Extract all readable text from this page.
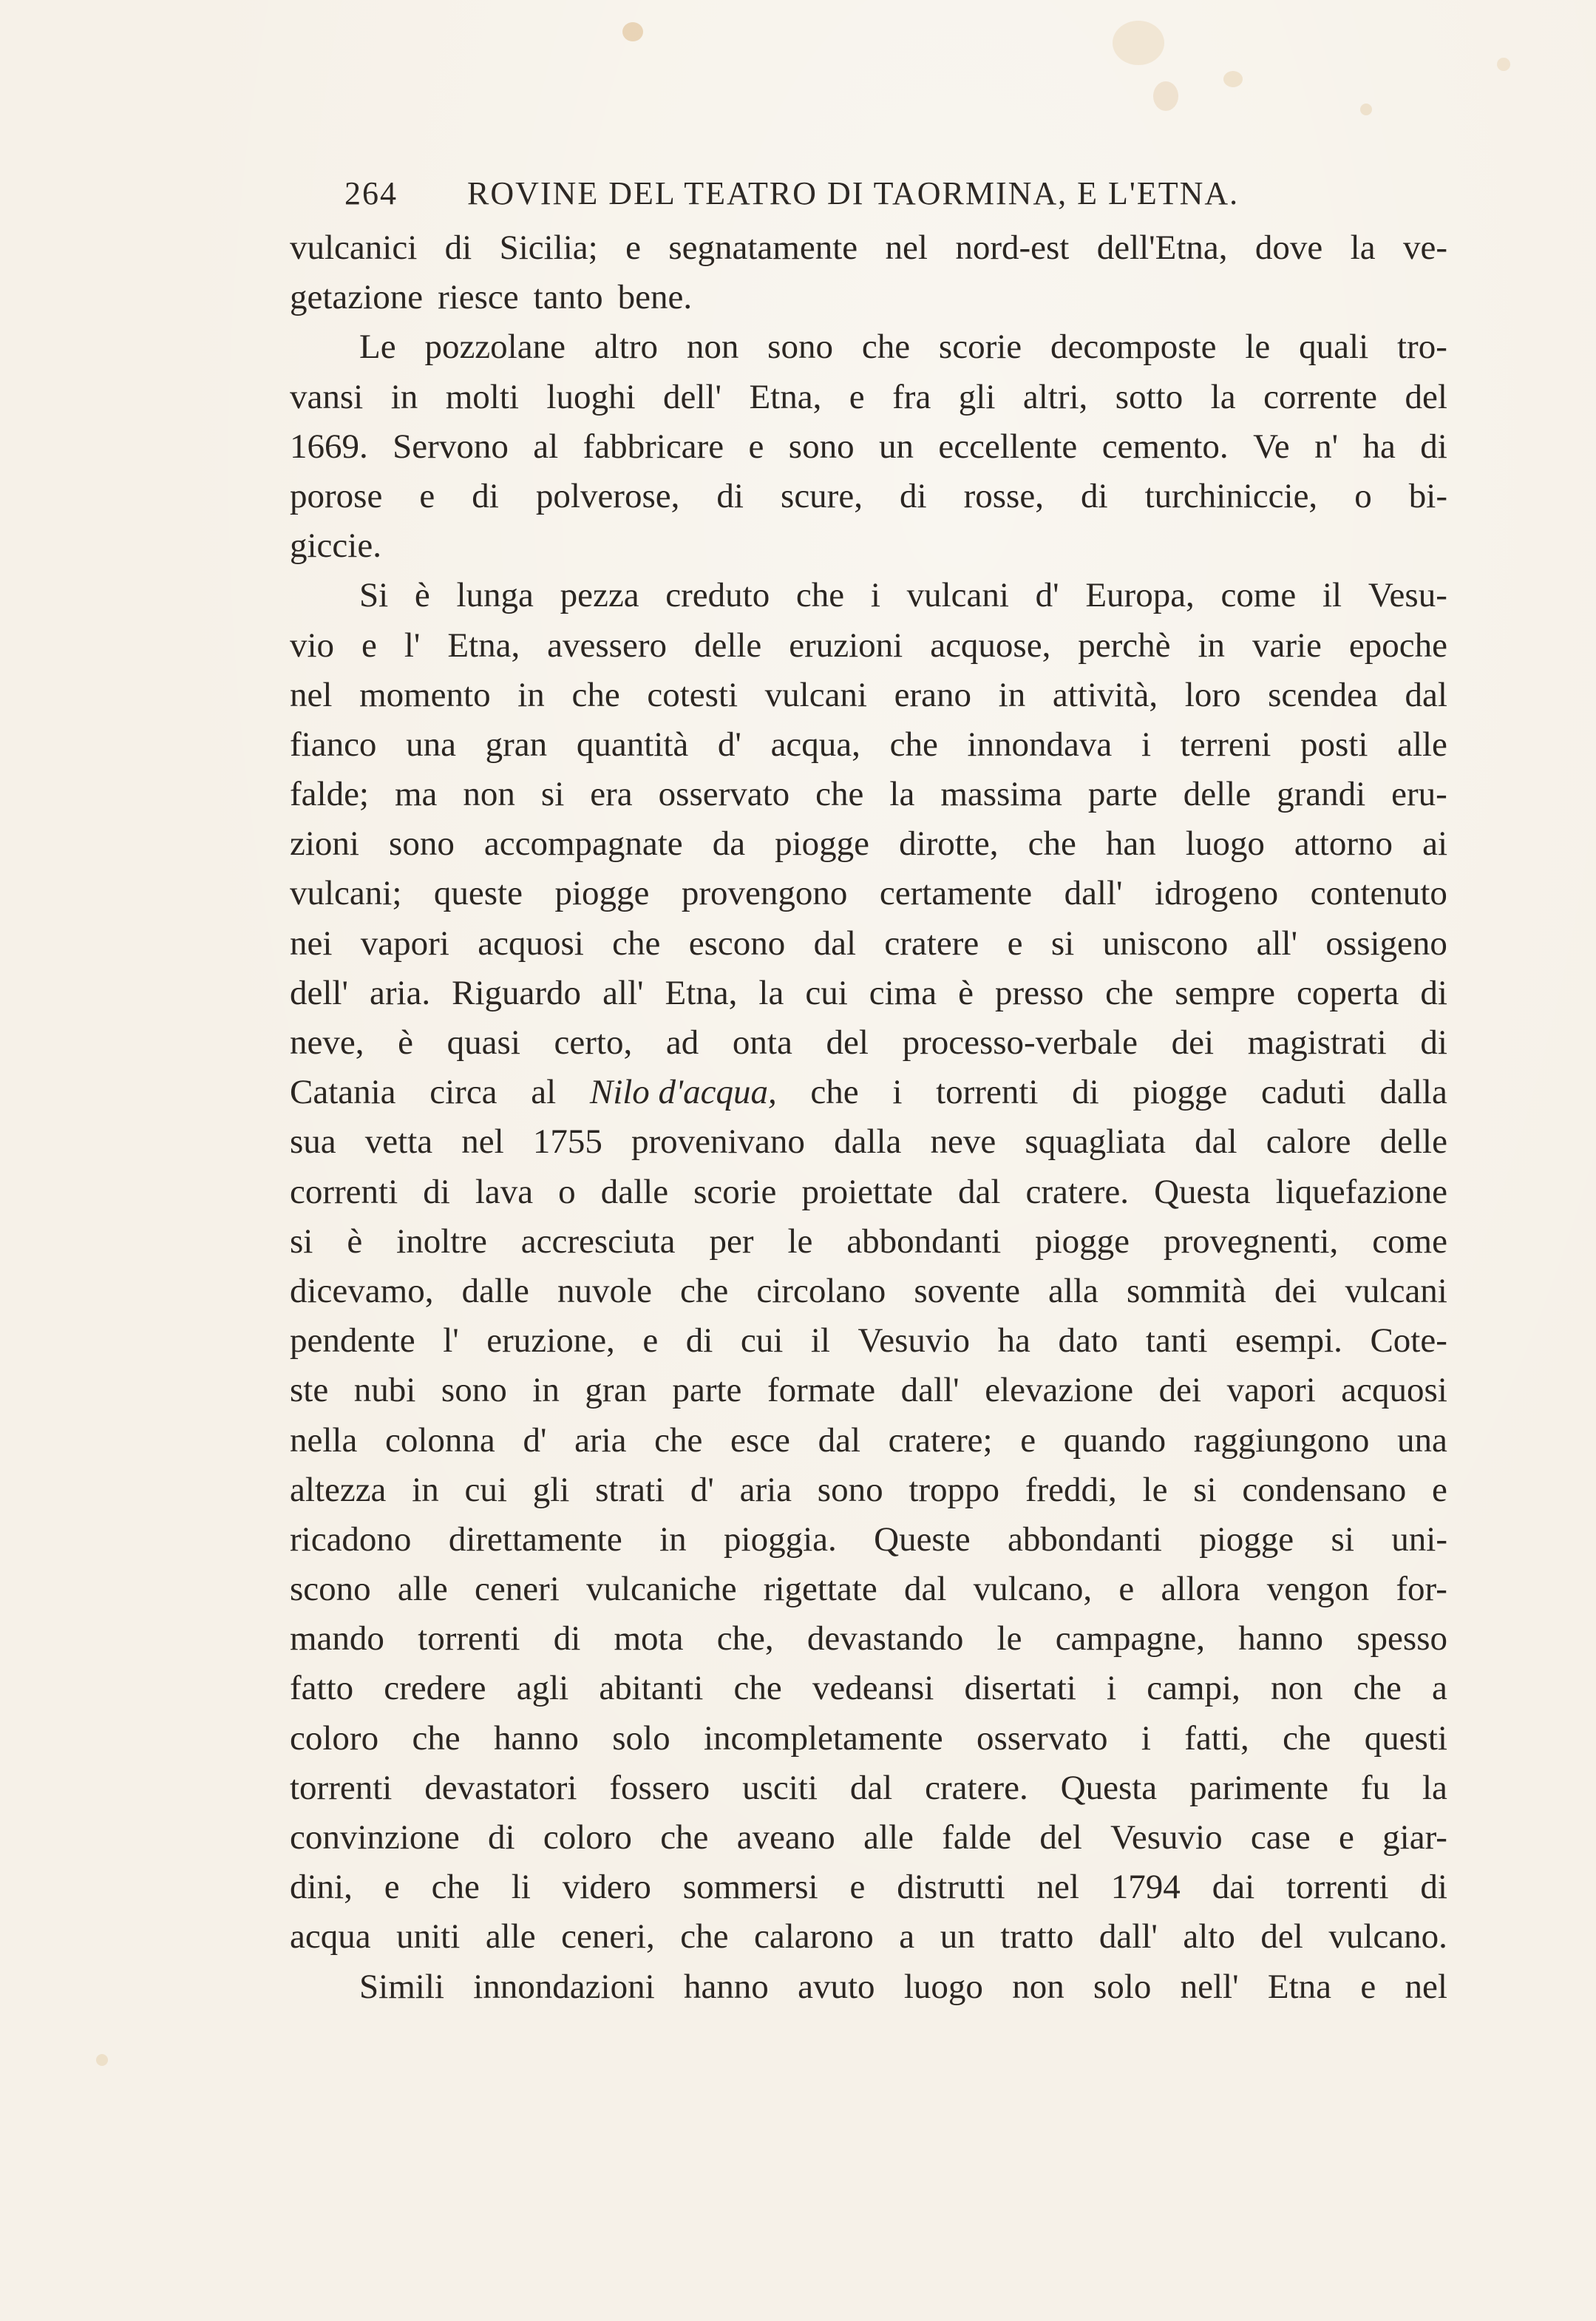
264 ROVINE DEL TEATRO DI TAORMINA, E L'ETNA.
vulcanici di Sicilia; e segnatamente nel nord-est dell'Etna, dove la ve-
getazione riesce tanto bene.
Le pozzolane altro non sono che scorie decomposte le quali tro-
vansi in molti luoghi dell' Etna, e fra gli altri, sotto la corrente del
1669. Servono al fabbricare e sono un eccellente cemento. Ve n' ha di
porose e di polverose, di scure, di rosse, di turchiniccie, o bi-
giccie.
Si è lunga pezza creduto che i vulcani d' Europa, come il Vesu-
vio e l' Etna, avessero delle eruzioni acquose, perchè in varie epoche
nel momento in che cotesti vulcani erano in attività, loro scendea dal
fianco una gran quantità d' acqua, che innondava i terreni posti alle
falde; ma non si era osservato che la massima parte delle grandi eru-
zioni sono accompagnate da piogge dirotte, che han luogo attorno ai
vulcani; queste piogge provengono certamente dall' idrogeno contenuto
nei vapori acquosi che escono dal cratere e si uniscono all' ossigeno
dell' aria. Riguardo all' Etna, la cui cima è presso che sempre coperta di
neve, è quasi certo, ad onta del processo-verbale dei magistrati di
Catania circa al Nilo d'acqua, che i torrenti di piogge caduti dalla
sua vetta nel 1755 provenivano dalla neve squagliata dal calore delle
correnti di lava o dalle scorie proiettate dal cratere. Questa liquefazione
si è inoltre accresciuta per le abbondanti piogge provegnenti, come
dicevamo, dalle nuvole che circolano sovente alla sommità dei vulcani
pendente l' eruzione, e di cui il Vesuvio ha dato tanti esempi. Cote-
ste nubi sono in gran parte formate dall' elevazione dei vapori acquosi
nella colonna d' aria che esce dal cratere; e quando raggiungono una
altezza in cui gli strati d' aria sono troppo freddi, le si condensano e
ricadono direttamente in pioggia. Queste abbondanti piogge si uni-
scono alle ceneri vulcaniche rigettate dal vulcano, e allora vengon for-
mando torrenti di mota che, devastando le campagne, hanno spesso
fatto credere agli abitanti che vedeansi disertati i campi, non che a
coloro che hanno solo incompletamente osservato i fatti, che questi
torrenti devastatori fossero usciti dal cratere. Questa parimente fu la
convinzione di coloro che aveano alle falde del Vesuvio case e giar-
dini, e che li videro sommersi e distrutti nel 1794 dai torrenti di
acqua uniti alle ceneri, che calarono a un tratto dall' alto del vulcano.
Simili innondazioni hanno avuto luogo non solo nell' Etna e nel
